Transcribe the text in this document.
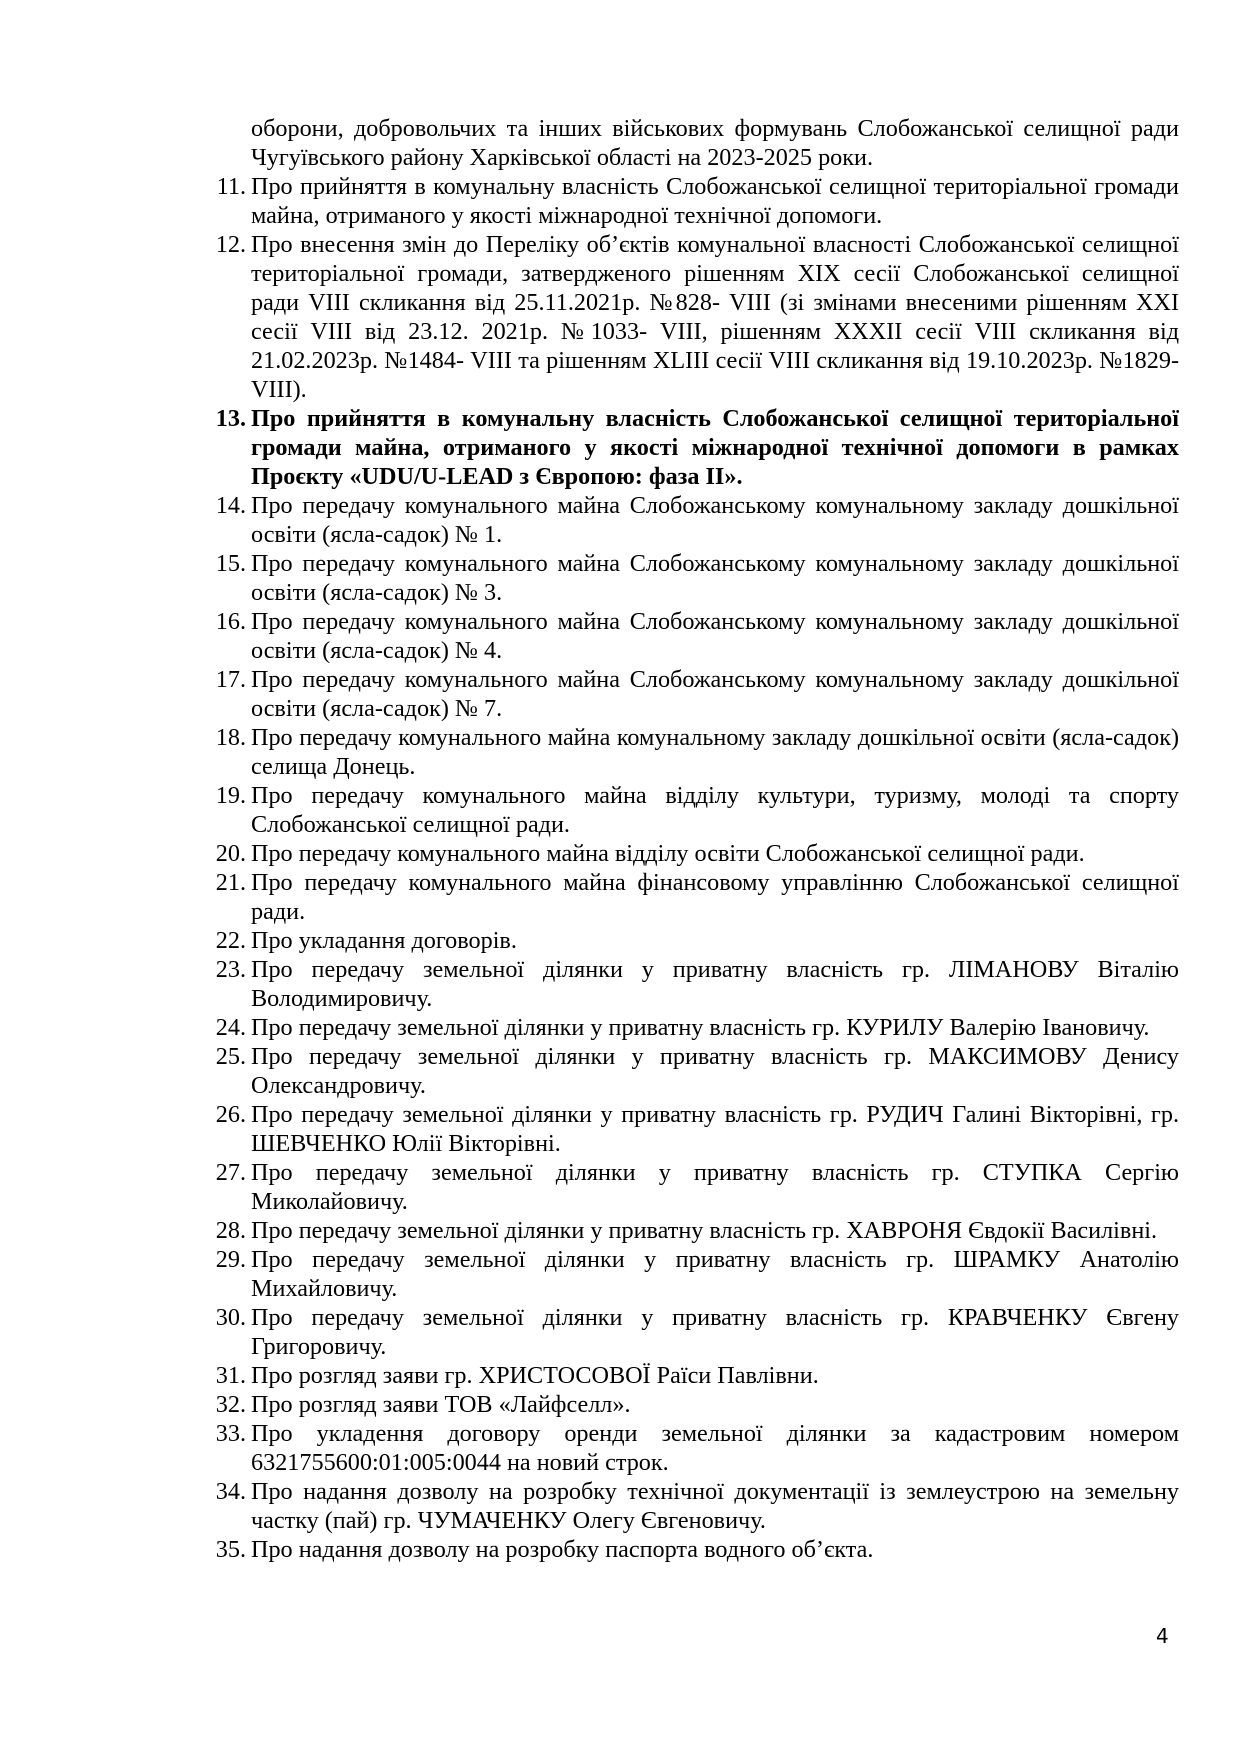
оборони, добровольчих та інших військових формувань Слобожанської селищної ради Чугуївського району Харківської області на 2023-2025 роки.
11. Про прийняття в комунальну власність Слобожанської селищної територіальної громади майна, отриманого у якості міжнародної технічної допомоги.
12. Про внесення змін до Переліку об’єктів комунальної власності Слобожанської селищної територіальної громади, затвердженого рішенням XIX сесії Слобожанської селищної ради VIII скликання від 25.11.2021р. №828- VIII (зі змінами внесеними рішенням XXI сесії VIII від 23.12. 2021р. №1033- VIII, рішенням XXXII сесії VIII скликання від 21.02.2023р. №1484- VIII та рішенням XLIII сесії VIII скликання від 19.10.2023р. №1829-VIII).
13. Про прийняття в комунальну власність Слобожанської селищної територіальної громади майна, отриманого у якості міжнародної технічної допомоги в рамках Проєкту «UDU/U-LEAD з Європою: фаза ІІ».
14. Про передачу комунального майна Слобожанському комунальному закладу дошкільної освіти (ясла-садок) № 1.
15. Про передачу комунального майна Слобожанському комунальному закладу дошкільної освіти (ясла-садок) № 3.
16. Про передачу комунального майна Слобожанському комунальному закладу дошкільної освіти (ясла-садок) № 4.
17. Про передачу комунального майна Слобожанському комунальному закладу дошкільної освіти (ясла-садок) № 7.
18. Про передачу комунального майна комунальному закладу дошкільної освіти (ясла-садок) селища Донець.
19. Про передачу комунального майна відділу культури, туризму, молоді та спорту Слобожанської селищної ради.
20. Про передачу комунального майна відділу освіти Слобожанської селищної ради.
21. Про передачу комунального майна фінансовому управлінню Слобожанської селищної ради.
22. Про укладання договорів.
23. Про передачу земельної ділянки у приватну власність гр. ЛІМАНОВУ Віталію Володимировичу.
24. Про передачу земельної ділянки у приватну власність гр. КУРИЛУ Валерію Івановичу.
25. Про передачу земельної ділянки у приватну власність гр. МАКСИМОВУ Денису Олександровичу.
26. Про передачу земельної ділянки у приватну власність гр. РУДИЧ Галині Вікторівні, гр. ШЕВЧЕНКО Юлії Вікторівні.
27. Про передачу земельної ділянки у приватну власність гр. СТУПКА Сергію Миколайовичу.
28. Про передачу земельної ділянки у приватну власність гр. ХАВРОНЯ Євдокії Василівні.
29. Про передачу земельної ділянки у приватну власність гр. ШРАМКУ Анатолію Михайловичу.
30. Про передачу земельної ділянки у приватну власність гр. КРАВЧЕНКУ Євгену Григоровичу.
31. Про розгляд заяви гр. ХРИСТОСОВОЇ Раїси Павлівни.
32. Про розгляд заяви ТОВ «Лайфселл».
33. Про укладення договору оренди земельної ділянки за кадастровим номером 6321755600:01:005:0044 на новий строк.
34. Про надання дозволу на розробку технічної документації із землеустрою на земельну частку (пай) гр. ЧУМАЧЕНКУ Олегу Євгеновичу.
35. Про надання дозволу на розробку паспорта водного об’єкта.
4
